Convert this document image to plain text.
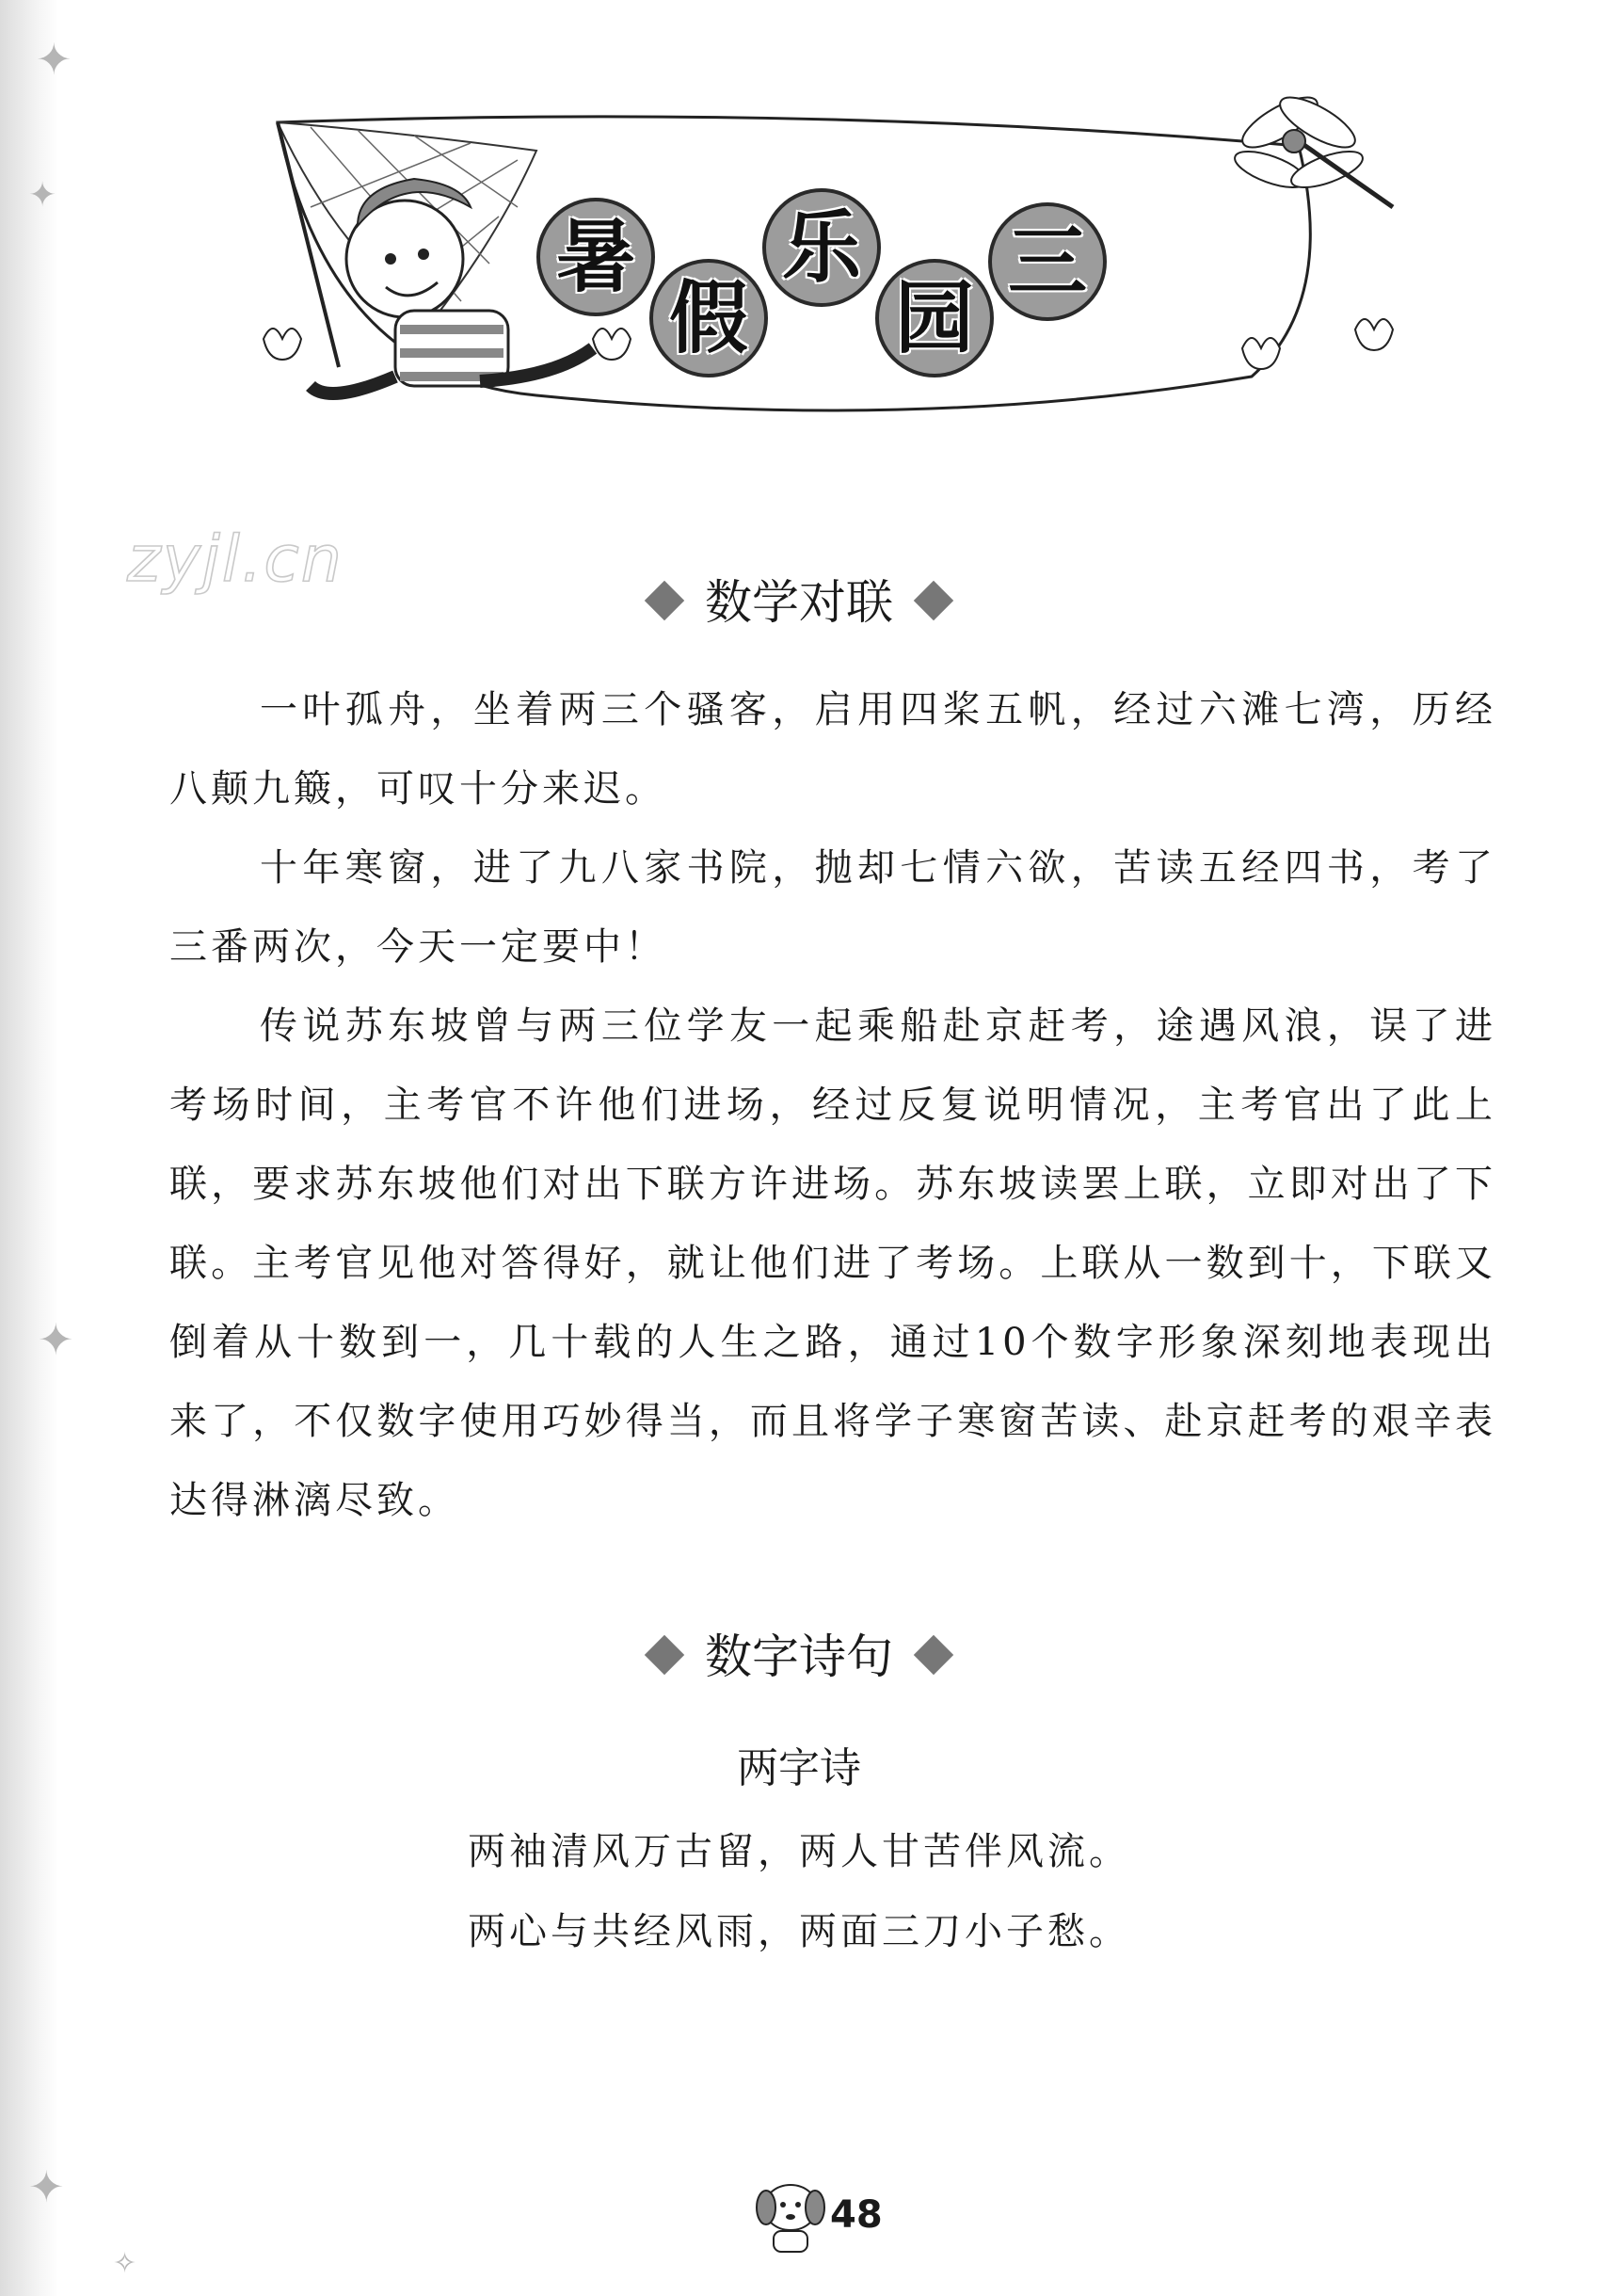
✦
✦
✦
✦
✧
暑
假
乐
园
三
zyjl.cn
数学对联
一叶孤舟，坐着两三个骚客，启用四桨五帆，经过六滩七湾，历经八颠九簸，可叹十分来迟。
十年寒窗，进了九八家书院，抛却七情六欲，苦读五经四书，考了三番两次，今天一定要中！
传说苏东坡曾与两三位学友一起乘船赴京赶考，途遇风浪，误了进考场时间，主考官不许他们进场，经过反复说明情况，主考官出了此上联，要求苏东坡他们对出下联方许进场。苏东坡读罢上联，立即对出了下联。主考官见他对答得好，就让他们进了考场。上联从一数到十，下联又倒着从十数到一，几十载的人生之路，通过10个数字形象深刻地表现出来了，不仅数字使用巧妙得当，而且将学子寒窗苦读、赴京赶考的艰辛表达得淋漓尽致。
数字诗句
两字诗
两袖清风万古留，两人甘苦伴风流。
两心与共经风雨，两面三刀小子愁。
48
